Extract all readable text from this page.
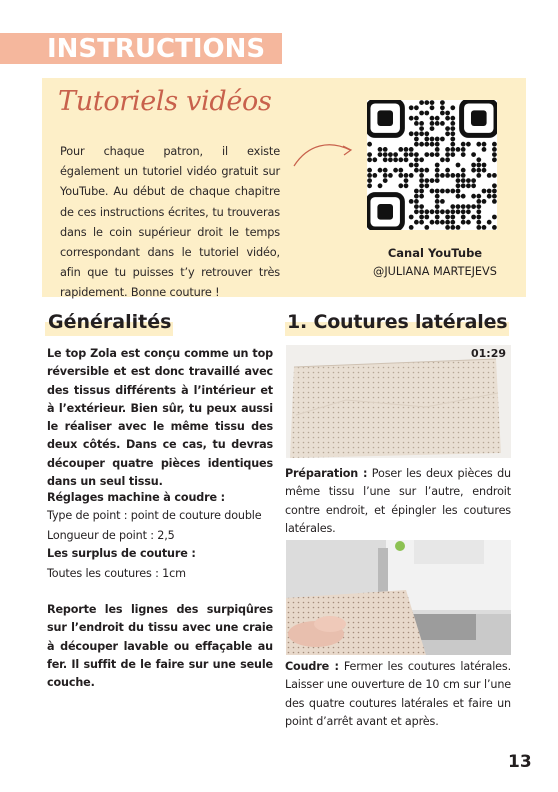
INSTRUCTIONS
Tutoriels vidéos
Pour chaque patron, il existe également un tutoriel vidéo gratuit sur YouTube. Au début de chaque chapitre de ces instructions écrites, tu trouveras dans le coin supérieur droit le temps correspondant dans le tutoriel vidéo, afin que tu puisses t’y retrouver très rapidement. Bonne couture !
Canal YouTube
@JULIANA MARTEJEVS
Généralités	1. Coutures latérales
Le top Zola est conçu comme un top réversible et est donc travaillé avec des tissus différents à l’intérieur et à l’extérieur. Bien sûr, tu peux aussi le réaliser avec le même tissu des deux côtés. Dans ce cas, tu devras découper quatre pièces identiques dans un seul tissu.
Réglages machine à coudre :
Type de point : point de couture double
Longueur de point : 2,5
Les surplus de couture :
Toutes les coutures : 1cm
Reporte les lignes des surpiqûres sur l’endroit du tissu avec une craie à découper lavable ou effaçable au fer. Il suffit de le faire sur une seule couche.
01:29
Préparation : Poser les deux pièces du même tissu l’une sur l’autre, endroit contre endroit, et épingler les coutures latérales.
Coudre : Fermer les coutures latérales. Laisser une ouverture de 10 cm sur l’une des quatre coutures latérales et faire un point d’arrêt avant et après.
13
